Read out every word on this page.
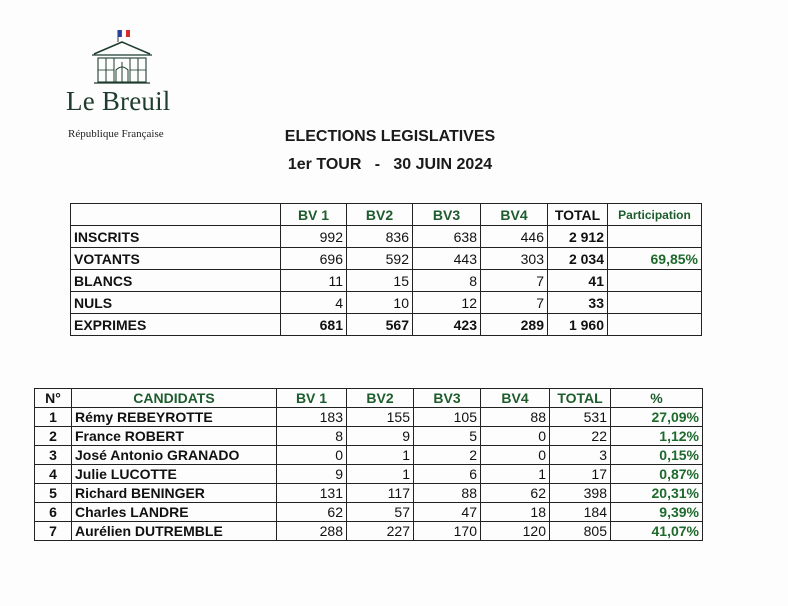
Le Breuil
République Française	ELECTIONS LEGISLATIVES
1er TOUR   -   30 JUIN 2024
	BV 1	BV2	BV3	BV4	TOTAL	Participation
INSCRITS	992	836	638	446	2 912	
VOTANTS	696	592	443	303	2 034	69,85%
BLANCS	11	15	8	7	41	
NULS	4	10	12	7	33	
EXPRIMES	681	567	423	289	1 960	
N°	CANDIDATS	BV 1	BV2	BV3	BV4	TOTAL	%
1	Rémy REBEYROTTE	183	155	105	88	531	27,09%
2	France ROBERT	8	9	5	0	22	1,12%
3	José Antonio GRANADO	0	1	2	0	3	0,15%
4	Julie LUCOTTE	9	1	6	1	17	0,87%
5	Richard BENINGER	131	117	88	62	398	20,31%
6	Charles LANDRE	62	57	47	18	184	9,39%
7	Aurélien DUTREMBLE	288	227	170	120	805	41,07%
